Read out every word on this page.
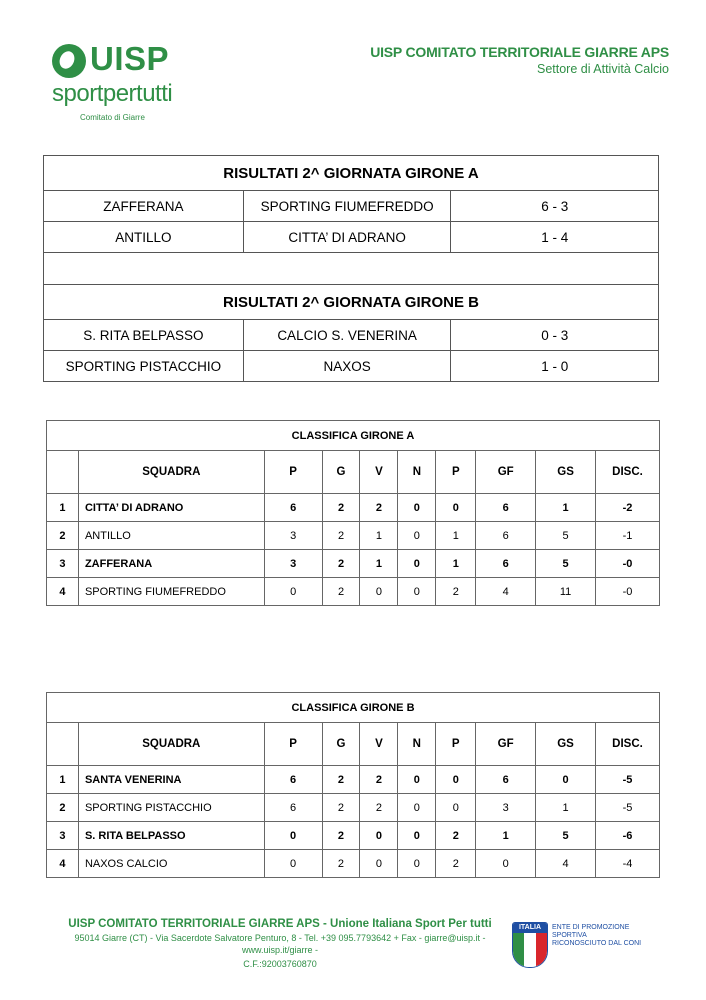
UISP
sportpertutti
Comitato di Giarre
UISP COMITATO TERRITORIALE GIARRE APS
Settore di Attività Calcio
RISULTATI 2^ GIORNATA GIRONE A		
ZAFFERANA	SPORTING FIUMEFREDDO	6 - 3
ANTILLO	CITTA’ DI ADRANO	1 - 4

RISULTATI 2^ GIORNATA GIRONE B		
S. RITA BELPASSO	CALCIO S. VENERINA	0 - 3
SPORTING PISTACCHIO	NAXOS	1 - 0
CLASSIFICA GIRONE A									
	SQUADRA	P	G	V	N	P	GF	GS	DISC.
1	CITTA’ DI ADRANO	6	2	2	0	0	6	1	-2
2	ANTILLO	3	2	1	0	1	6	5	-1
3	ZAFFERANA	3	2	1	0	1	6	5	-0
4	SPORTING FIUMEFREDDO	0	2	0	0	2	4	11	-0
CLASSIFICA GIRONE B									
	SQUADRA	P	G	V	N	P	GF	GS	DISC.
1	SANTA VENERINA	6	2	2	0	0	6	0	-5
2	SPORTING PISTACCHIO	6	2	2	0	0	3	1	-5
3	S. RITA BELPASSO	0	2	0	0	2	1	5	-6
4	NAXOS CALCIO	0	2	0	0	2	0	4	-4
UISP COMITATO TERRITORIALE GIARRE APS - Unione Italiana Sport Per tutti
95014 Giarre (CT) - Via Sacerdote Salvatore Penturo, 8 - Tel. +39 095.7793642 + Fax - giarre@uisp.it - www.uisp.it/giarre -
C.F.:92003760870
ITALIA	ENTE DI PROMOZIONE SPORTIVA RICONOSCIUTO DAL CONI
